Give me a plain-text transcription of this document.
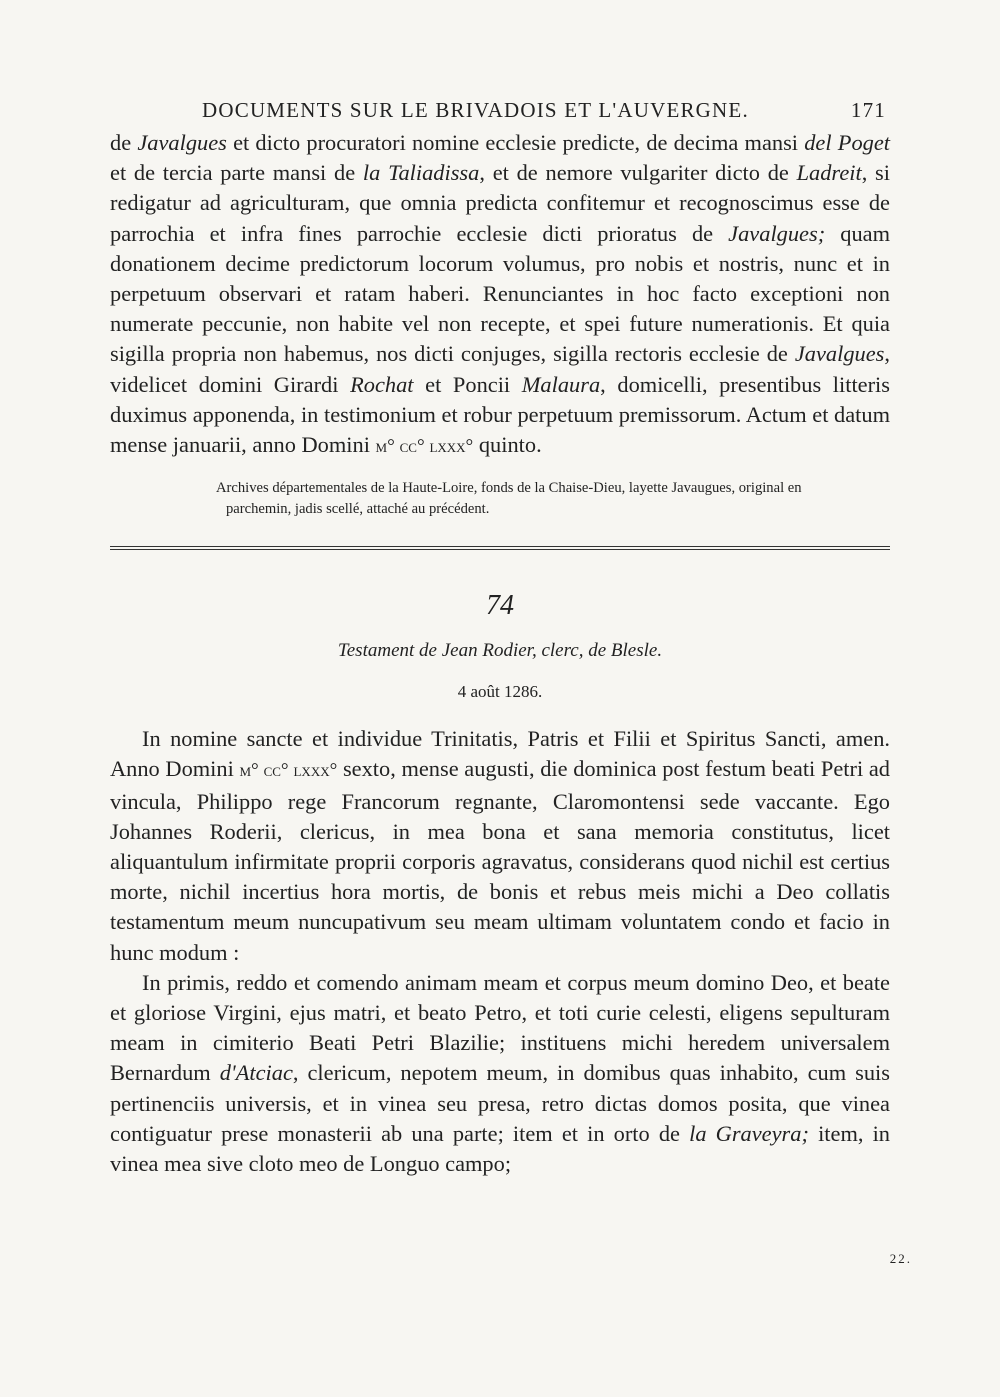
DOCUMENTS SUR LE BRIVADOIS ET L'AUVERGNE.	171

de Javalgues et dicto procuratori nomine ecclesie predicte, de decima mansi del Poget et de tercia parte mansi de la Taliadissa, et de nemore vulgariter dicto de Ladreit, si redigatur ad agriculturam, que omnia predicta confitemur et recognoscimus esse de parrochia et infra fines parrochie ecclesie dicti prioratus de Javalgues; quam donationem decime predictorum locorum volumus, pro nobis et nostris, nunc et in perpetuum observari et ratam haberi. Renunciantes in hoc facto exceptioni non numerate peccunie, non habite vel non recepte, et spei future numerationis. Et quia sigilla propria non habemus, nos dicti conjuges, sigilla rectoris ecclesie de Javalgues, videlicet domini Girardi Rochat et Poncii Malaura, domicelli, presentibus litteris duximus apponenda, in testimonium et robur perpetuum premissorum. Actum et datum mense januarii, anno Domini m° cc° lxxx° quinto.

Archives départementales de la Haute-Loire, fonds de la Chaise-Dieu, layette Javaugues, original en
parchemin, jadis scellé, attaché au précédent.
74
Testament de Jean Rodier, clerc, de Blesle.
4 août 1286.

In nomine sancte et individue Trinitatis, Patris et Filii et Spiritus Sancti, amen. Anno Domini m° cc° lxxx° sexto, mense augusti, die dominica post festum beati Petri ad vincula, Philippo rege Francorum regnante, Claromontensi sede vaccante. Ego Johannes Roderii, clericus, in mea bona et sana memoria constitutus, licet aliquantulum infirmitate proprii corporis agravatus, considerans quod nichil est certius morte, nichil incertius hora mortis, de bonis et rebus meis michi a Deo collatis testamentum meum nuncupativum seu meam ultimam voluntatem condo et facio in hunc modum :

In primis, reddo et comendo animam meam et corpus meum domino Deo, et beate et gloriose Virgini, ejus matri, et beato Petro, et toti curie celesti, eligens sepulturam meam in cimiterio Beati Petri Blazilie; instituens michi heredem universalem Bernardum d'Atciac, clericum, nepotem meum, in domibus quas inhabito, cum suis pertinenciis universis, et in vinea seu presa, retro dictas domos posita, que vinea contiguatur prese monasterii ab una parte; item et in orto de la Graveyra; item, in vinea mea sive cloto meo de Longuo campo;

22.
